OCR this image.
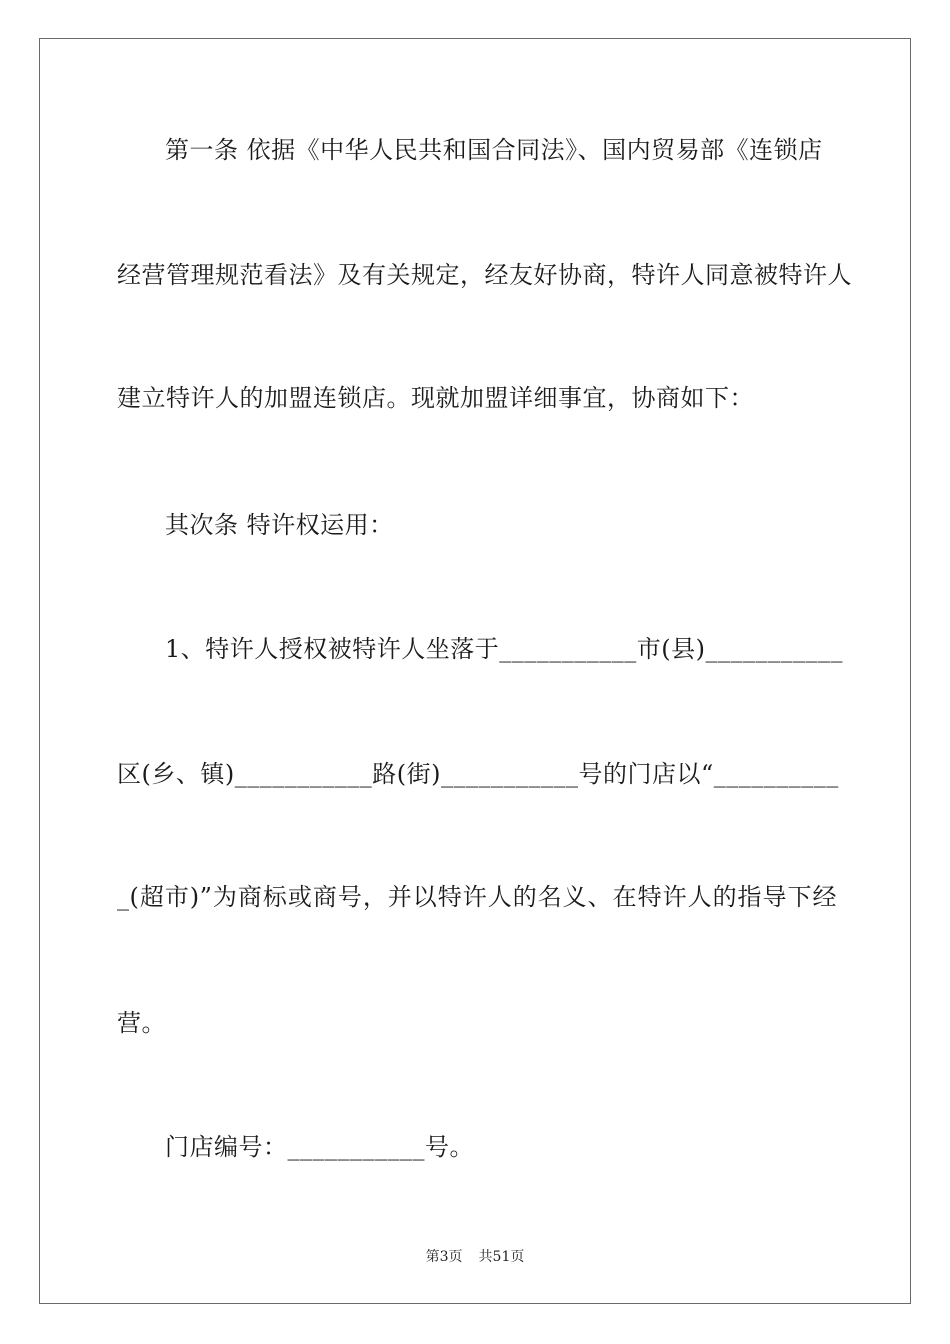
第一条 依据《中华人民共和国合同法》、国内贸易部《连锁店
经营管理规范看法》及有关规定，经友好协商，特许人同意被特许人
建立特许人的加盟连锁店。现就加盟详细事宜，协商如下：
其次条 特许权运用：
1、特许人授权被特许人坐落于___________市(县)___________
区(乡、镇)___________路(街)___________号的门店以“__________
_(超市)”为商标或商号，并以特许人的名义、在特许人的指导下经
营。
门店编号：___________号。
第3页 共51页
